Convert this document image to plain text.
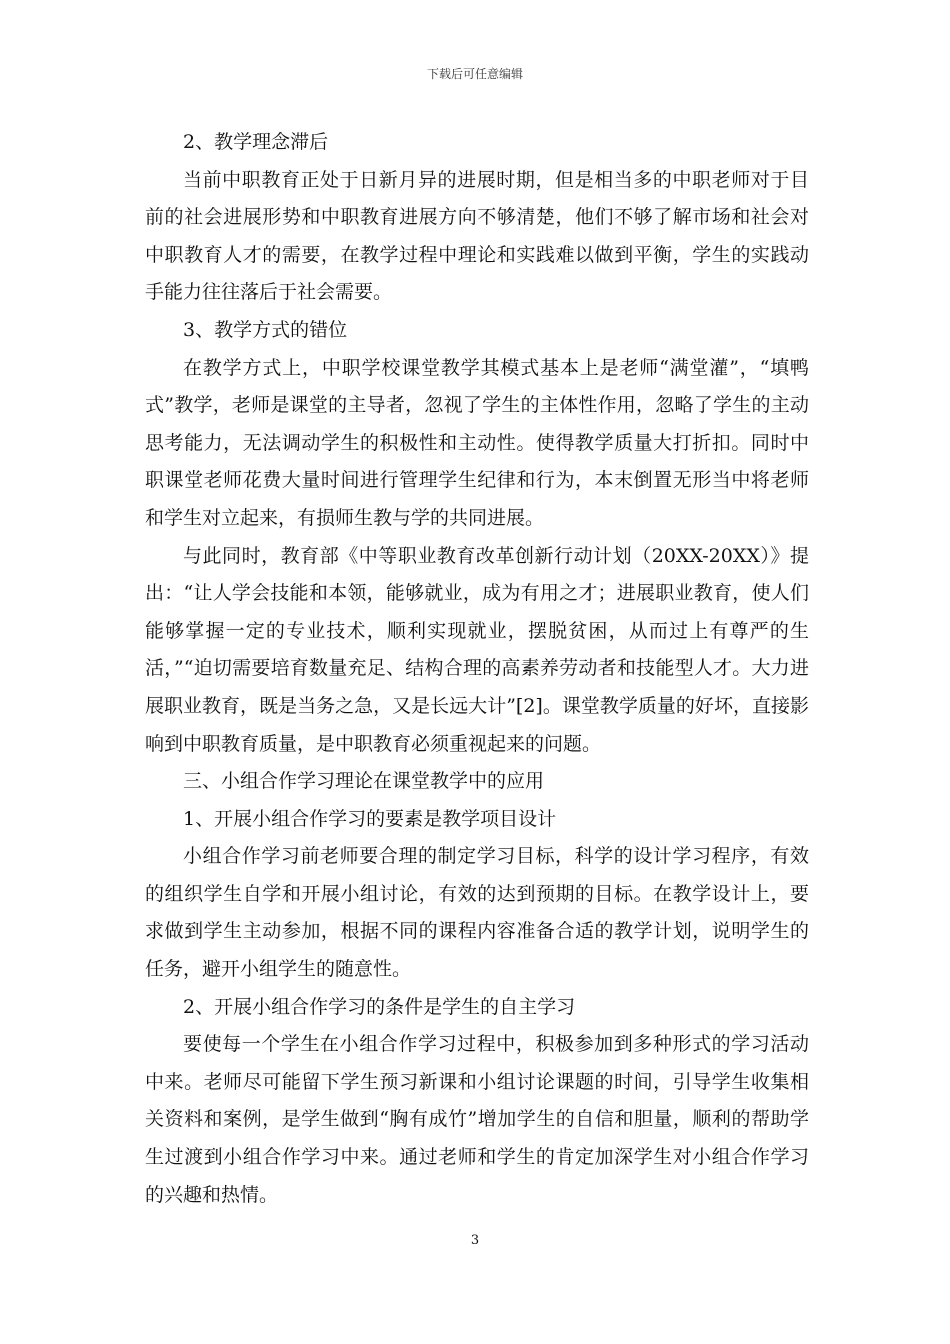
下载后可任意编辑

2、教学理念滞后

当前中职教育正处于日新月异的进展时期，但是相当多的中职老师对于目前的社会进展形势和中职教育进展方向不够清楚，他们不够了解市场和社会对中职教育人才的需要，在教学过程中理论和实践难以做到平衡，学生的实践动手能力往往落后于社会需要。

3、教学方式的错位

在教学方式上，中职学校课堂教学其模式基本上是老师“满堂灌”，“填鸭式”教学，老师是课堂的主导者，忽视了学生的主体性作用，忽略了学生的主动思考能力，无法调动学生的积极性和主动性。使得教学质量大打折扣。同时中职课堂老师花费大量时间进行管理学生纪律和行为，本末倒置无形当中将老师和学生对立起来，有损师生教与学的共同进展。

与此同时，教育部《中等职业教育改革创新行动计划（20XX-20XX）》提出：“让人学会技能和本领，能够就业，成为有用之才；进展职业教育，使人们能够掌握一定的专业技术，顺利实现就业，摆脱贫困，从而过上有尊严的生活，”“迫切需要培育数量充足、结构合理的高素养劳动者和技能型人才。大力进展职业教育，既是当务之急，又是长远大计”[2]。课堂教学质量的好坏，直接影响到中职教育质量，是中职教育必须重视起来的问题。

三、小组合作学习理论在课堂教学中的应用

1、开展小组合作学习的要素是教学项目设计

小组合作学习前老师要合理的制定学习目标，科学的设计学习程序，有效的组织学生自学和开展小组讨论，有效的达到预期的目标。在教学设计上，要求做到学生主动参加，根据不同的课程内容准备合适的教学计划，说明学生的任务，避开小组学生的随意性。

2、开展小组合作学习的条件是学生的自主学习

要使每一个学生在小组合作学习过程中，积极参加到多种形式的学习活动中来。老师尽可能留下学生预习新课和小组讨论课题的时间，引导学生收集相关资料和案例，是学生做到“胸有成竹”增加学生的自信和胆量，顺利的帮助学生过渡到小组合作学习中来。通过老师和学生的肯定加深学生对小组合作学习的兴趣和热情。

3
